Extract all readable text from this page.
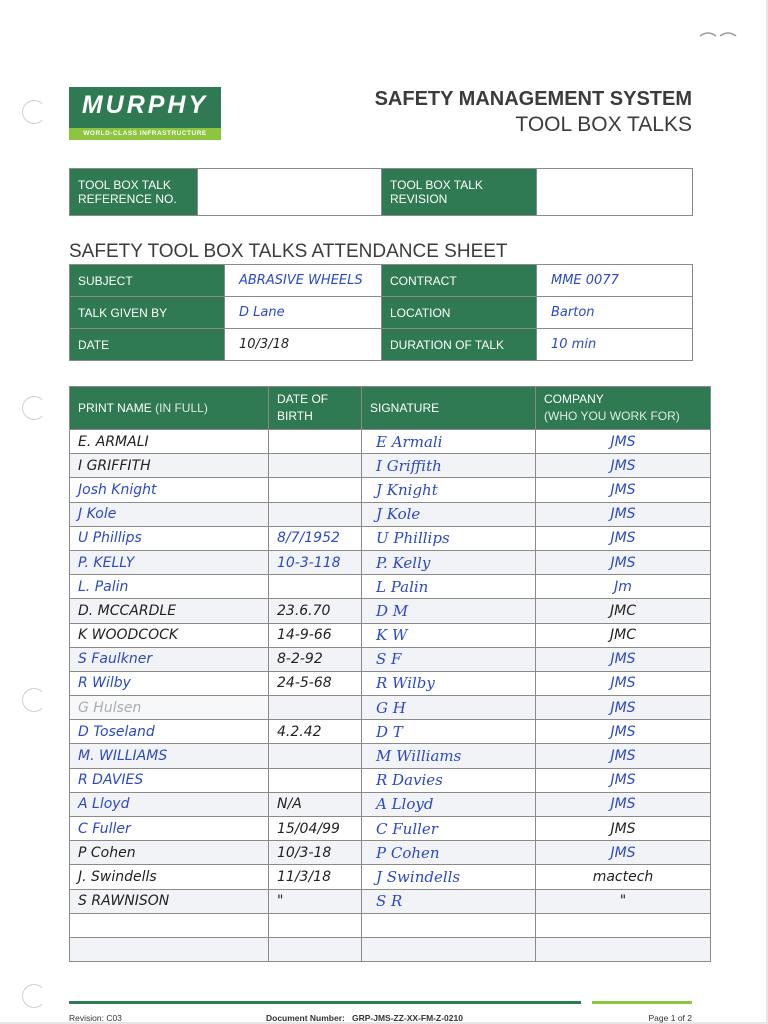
MURPHY
WORLD-CLASS INFRASTRUCTURE
SAFETY MANAGEMENT SYSTEM
TOOL BOX TALKS
TOOL BOX TALK REFERENCE NO.		TOOL BOX TALK REVISION	
SAFETY TOOL BOX TALKS ATTENDANCE SHEET
SUBJECT	ABRASIVE WHEELS	CONTRACT	MME 0077
TALK GIVEN BY	D Lane	LOCATION	Barton
DATE	10/3/18	DURATION OF TALK	10 min
PRINT NAME (IN FULL)	DATE OF BIRTH	SIGNATURE	COMPANY
(WHO YOU WORK FOR)

E. ARMALI		E Armali	JMS
I GRIFFITH		I Griffith	JMS
Josh Knight		J Knight	JMS
J Kole		J Kole	JMS
U Phillips	8/7/1952	U Phillips	JMS
P. KELLY	10-3-118	P. Kelly	JMS
L. Palin		L Palin	Jm
D. MCCARDLE	23.6.70	D M	JMC
K WOODCOCK	14-9-66	K W	JMC
S Faulkner	8-2-92	S F	JMS
R Wilby	24-5-68	R Wilby	JMS
G Hulsen		G H	JMS
D Toseland	4.2.42	D T	JMS
M. WILLIAMS		M Williams	JMS
R DAVIES		R Davies	JMS
A Lloyd	N/A	A Lloyd	JMS
C Fuller	15/04/99	C Fuller	JMS
P Cohen	10/3-18	P Cohen	JMS
J. Swindells	11/3/18	J Swindells	mactech
S RAWNISON	"	S R	"

Revision: C03	Document Number: GRP-JMS-ZZ-XX-FM-Z-0210	Page 1 of 2
